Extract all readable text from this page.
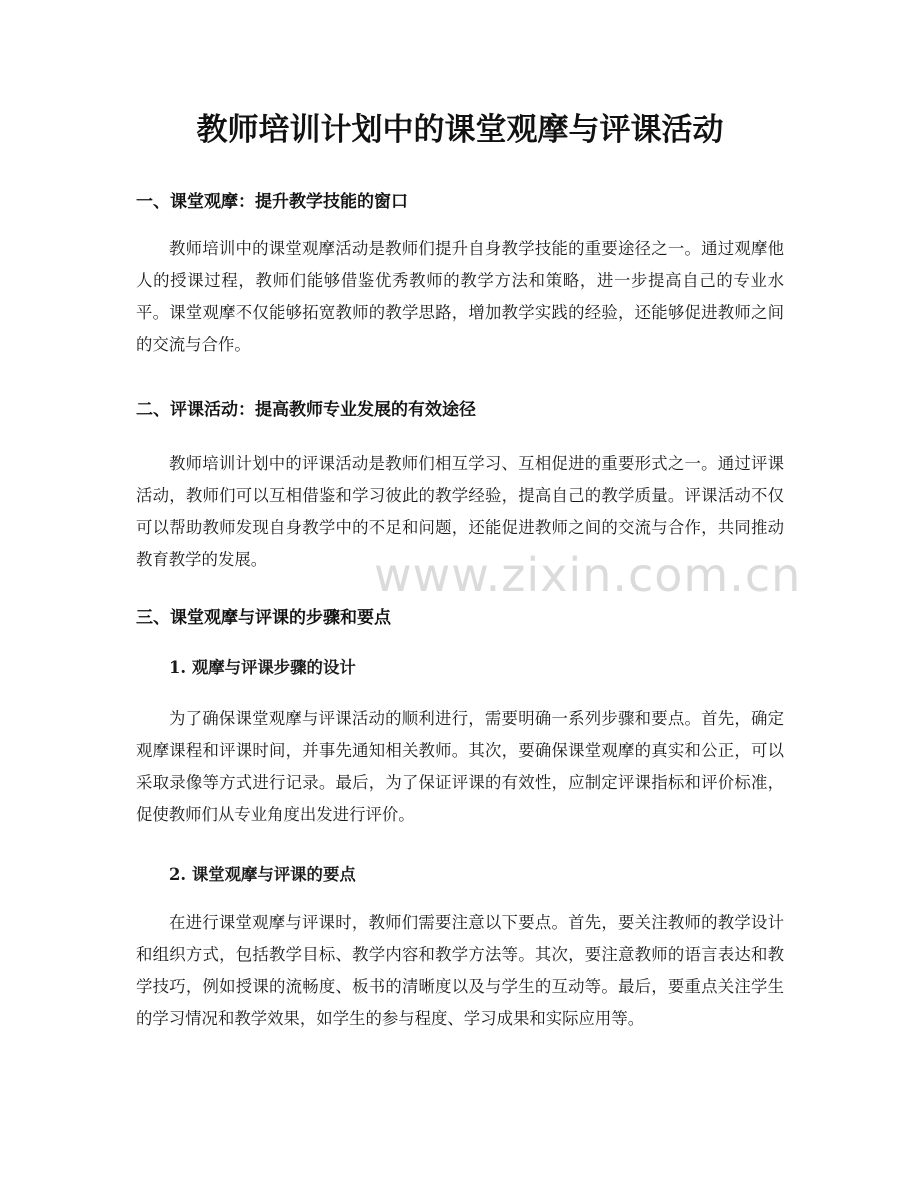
教师培训计划中的课堂观摩与评课活动
一、课堂观摩：提升教学技能的窗口

教师培训中的课堂观摩活动是教师们提升自身教学技能的重要途径之一。通过观摩他人的授课过程，教师们能够借鉴优秀教师的教学方法和策略，进一步提高自己的专业水平。课堂观摩不仅能够拓宽教师的教学思路，增加教学实践的经验，还能够促进教师之间的交流与合作。

二、评课活动：提高教师专业发展的有效途径

教师培训计划中的评课活动是教师们相互学习、互相促进的重要形式之一。通过评课活动，教师们可以互相借鉴和学习彼此的教学经验，提高自己的教学质量。评课活动不仅可以帮助教师发现自身教学中的不足和问题，还能促进教师之间的交流与合作，共同推动教育教学的发展。

三、课堂观摩与评课的步骤和要点
1. 观摩与评课步骤的设计

为了确保课堂观摩与评课活动的顺利进行，需要明确一系列步骤和要点。首先，确定观摩课程和评课时间，并事先通知相关教师。其次，要确保课堂观摩的真实和公正，可以采取录像等方式进行记录。最后，为了保证评课的有效性，应制定评课指标和评价标准，促使教师们从专业角度出发进行评价。

2. 课堂观摩与评课的要点

在进行课堂观摩与评课时，教师们需要注意以下要点。首先，要关注教师的教学设计和组织方式，包括教学目标、教学内容和教学方法等。其次，要注意教师的语言表达和教学技巧，例如授课的流畅度、板书的清晰度以及与学生的互动等。最后，要重点关注学生的学习情况和教学效果，如学生的参与程度、学习成果和实际应用等。

www.zixin.com.cn
